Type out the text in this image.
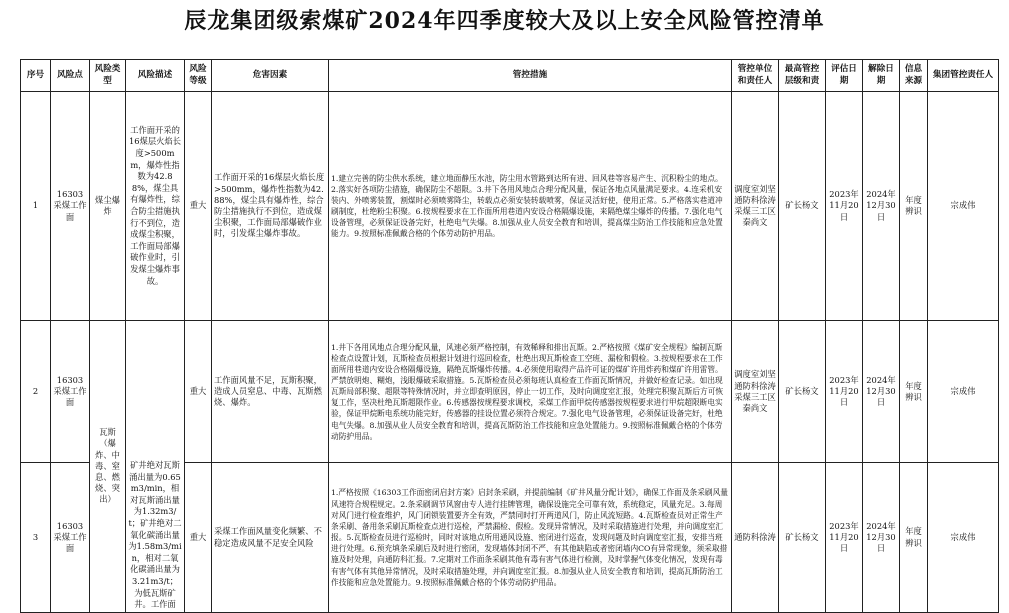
辰龙集团级索煤矿2024年四季度较大及以上安全风险管控清单
序号	风险点	风险类型	风险描述	风险等级	危害因素	管控措施	管控单位和责任人	最高管控层级和责	评估日期	解除日期	信息来源	集团管控责任人
1	16303采煤工作面	煤尘爆炸	工作面开采的16煤层火焰长度>500mm，爆炸性指数为42.88%，煤尘具有爆炸性，综合防尘措施执行不到位，造成煤尘积聚，工作面局部爆破作业时，引发煤尘爆炸事故。	重大	工作面开采的16煤层火焰长度>500mm，爆炸性指数为42.88%，煤尘具有爆炸性，综合防尘措施执行不到位，造成煤尘积聚，工作面局部爆破作业时，引发煤尘爆炸事故。	1.建立完善的防尘供水系统，建立地面静压水池，防尘用水管路到达所有进、回风巷等容易产生、沉积粉尘的地点。2.落实好各项防尘措施，确保防尘不超限。3.井下各用风地点合理分配风量，保证各地点风量满足要求。4.连采机安装内、外喷雾装置，割煤时必须喷雾降尘，转载点必须安装转载喷雾，保证灵活好使，使用正常。5.严格落实巷道冲刷制度，杜绝粉尘积聚。6.按规程要求在工作面所用巷道内安设合格隔爆设施，来隔绝煤尘爆炸的传播。7.强化电气设备管理，必须保证设备完好，杜绝电气失爆。8.加强从业人员安全教育和培训，提高煤尘防治工作技能和应急处置能力。9.按照标准佩戴合格的个体劳动防护用品。	调度室刘坚 通防科徐涛 采煤三工区秦尚文	矿长杨文	2023年11月20日	2024年12月30日	年度辨识	宗成伟
2	16303采煤工作面	瓦斯（爆炸、中毒、窒息、燃烧、突出）	矿井绝对瓦斯涌出量为0.65m3/min，相对瓦斯涌出量为1.32m3/t；矿井绝对二氧化碳涌出量为1.58m3/min，相对二氧化碳涌出量为3.21m3/t；为低瓦斯矿井。工作面	重大	工作面风量不足，瓦斯积聚，造成人员窒息、中毒、瓦斯燃烧、爆炸。	1.井下各用风地点合理分配风量，风速必须严格控制，有效稀释和排出瓦斯。2.严格按照《煤矿安全规程》编制瓦斯检查点设置计划，瓦斯检查员根据计划进行巡回检查，杜绝出现瓦斯检查工空班、漏检和假检。3.按规程要求在工作面所用巷道内安设合格隔爆设施，隔绝瓦斯爆炸传播。4.必须使用取得产品许可证的煤矿许用炸药和煤矿许用雷管。严禁放明炮、糊炮，浅眼爆破采取措施。5.瓦斯检查员必须每班认真检查工作面瓦斯情况，并做好检查记录。如出现瓦斯局部积聚、超限等特殊情况时，并立即查明原因，停止一切工作，及时向调度室汇报，处理完积聚瓦斯后方可恢复工作，坚决杜绝瓦斯超限作业。6.传感器按规程要求调校，采煤工作面甲烷传感器按规程要求进行甲烷超限断电实验，保证甲烷断电系统功能完好，传感器的挂设位置必须符合规定。7.强化电气设备管理，必须保证设备完好，杜绝电气失爆。8.加强从业人员安全教育和培训，提高瓦斯防治工作技能和应急处置能力。9.按照标准佩戴合格的个体劳动防护用品。	调度室刘坚 通防科徐涛 采煤三工区秦尚文	矿长杨文	2023年11月20日	2024年12月30日	年度辨识	宗成伟
3	16303采煤工作面			重大	采煤工作面风量变化频繁、不稳定造成风量不足安全风险	1.严格按照《16303工作面密闭启封方案》启封条采刷，并提前编制《矿井风量分配计划》，确保工作面及条采刷风量风速符合规程规定。2.条采刷调节风窗由专人进行挂牌管理，确保设施完全可靠有效，系统稳定，风量充足。3.每周对风门进行检查维护，风门闭锁装置要齐全有效，严禁同时打开两道风门，防止风流短路。4.瓦斯检查员对正常生产条采刷、备用条采刷瓦斯检查点进行巡检，严禁漏检、假检。发现异常情况，及时采取措施进行处理，并向调度室汇报。5.瓦斯检查员进行巡检时，同时对该地点所用通风设施、密闭进行巡查，发现问题及时向调度室汇报，安排当班进行处理。6.预充填条采刷后及时进行密闭，发现墙体封闭不严、有其他缺陷或者密闭墙内CO有异常现象，须采取措施及时处理，向通防科汇报。7.定期对工作面条采刷其他有毒有害气体进行检测，及时掌握气体变化情况，发现有毒有害气体有其他异常情况，及时采取措施处理，并向调度室汇报。8.加强从业人员安全教育和培训，提高瓦斯防治工作技能和应急处置能力。9.按照标准佩戴合格的个体劳动防护用品。	通防科徐涛	矿长杨文	2023年11月20日	2024年12月30日	年度辨识	宗成伟
